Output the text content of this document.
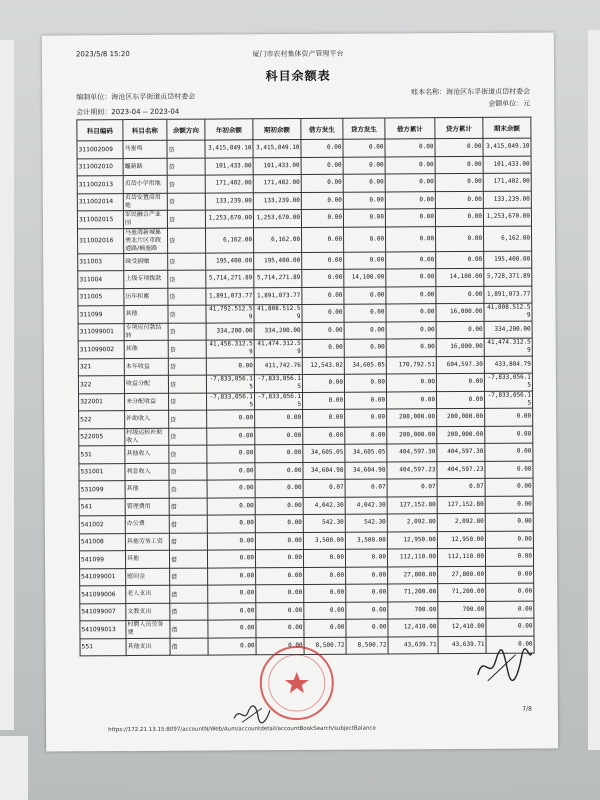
2023/5/8 15:20	厦门市农村集体资产管理平台
科目余额表
编制单位：海沧区东孚街道贞岱村委会
会计期间：2023-04 -- 2023-04
账本名称：海沧区东孚街道贞岱村委会
金额单位：元
科目编码	科目名称	余额方向	年初余额	期初余额	借方发生	贷方发生	借方累计	贷方累计	期末余额
311002009	马崟鸣	贷	3,415,049.10	3,415,049.10	0.00	0.00	0.00	0.00	3,415,049.10
311002010	鼇新路	贷	101,433.00	101,433.00	0.00	0.00	0.00	0.00	101,433.00
311002013	贞岱小学用地	贷	171,402.00	171,402.00	0.00	0.00	0.00	0.00	171,402.00
311002014	贞岱安置房用地	贷	133,239.00	133,239.00	0.00	0.00	0.00	0.00	133,239.00
311002015	军民融合产业园	贷	1,253,670.00	1,253,670.00	0.00	0.00	0.00	0.00	1,253,670.00
311002016	马崟湾新城集美北片区市政道路/楠崟路	贷	6,162.00	6,162.00	0.00	0.00	0.00	0.00	6,162.00
311003	珠受捐赠	贷	195,400.00	195,400.00	0.00	0.00	0.00	0.00	195,400.00
311004	上级专项拨款	贷	5,714,271.89	5,714,271.89	0.00	14,100.00	0.00	14,100.00	5,728,371.89
311005	历年积累	贷	1,891,073.77	1,891,073.77	0.00	0.00	0.00	0.00	1,891,073.77
311099	其他	贷	41,792.512.59	41,808.512.59	0.00	0.00	0.00	16,000.00	41,808.512.59
311099001	专项应付款结转	贷	334,200.00	334,200.00	0.00	0.00	0.00	0.00	334,200.00
311099002	其他	贷	41,458.312.59	41,474.312.59	0.00	0.00	0.00	16,000.00	41,474.312.59
321	本年收益	贷	0.00	411,742.76	12,543.02	34,605.05	170,792.51	604,597.30	433,804.79
322	收益分配	贷	-7,833,056.15	-7,833,056.15	0.00	0.00	0.00	0.00	-7,833,056.15
322001	未分配收益	贷	-7,833,056.15	-7,833,056.15	0.00	0.00	0.00	0.00	-7,833,056.15
522	补助收入	贷	0.00	0.00	0.00	0.00	200,000.00	200,000.00	0.00
522005	村级运转补助收入	贷	0.00	0.00	0.00	0.00	200,000.00	200,000.00	0.00
531	其他收入	贷	0.00	0.00	34,605.05	34,605.05	404,597.30	404,597.30	0.00
531001	利息收入	贷	0.00	0.00	34,604.98	34,604.98	404,597.23	404,597.23	0.00
531099	其他	贷	0.00	0.00	0.07	0.07	0.07	0.07	0.00
541	管理费用	借	0.00	0.00	4,042.30	4,042.30	127,152.80	127,152.80	0.00
541002	办公费	借	0.00	0.00	542.30	542.30	2,092.80	2,092.80	0.00
541008	其他劳务工资	借	0.00	0.00	3,500.00	3,500.00	12,950.00	12,950.00	0.00
541099	其他	借	0.00	0.00	0.00	0.00	112,110.00	112,110.00	0.00
541099001	慰问金	借	0.00	0.00	0.00	0.00	27,800.00	27,800.00	0.00
541099006	老人支出	借	0.00	0.00	0.00	0.00	71,200.00	71,200.00	0.00
541099007	文教支出	借	0.00	0.00	0.00	0.00	700.00	700.00	0.00
541099013	村聘人员劳务费	借	0.00	0.00	0.00	0.00	12,410.00	12,410.00	0.00
551	其他支出	借	0.00	0.00	8,500.72	8,500.72	43,639.71	43,639.71	0.00
7/8
https://172.21.13.15:8097/accountN/Web/Aum/accountdetail/accountBookSearch/subjectBalance
